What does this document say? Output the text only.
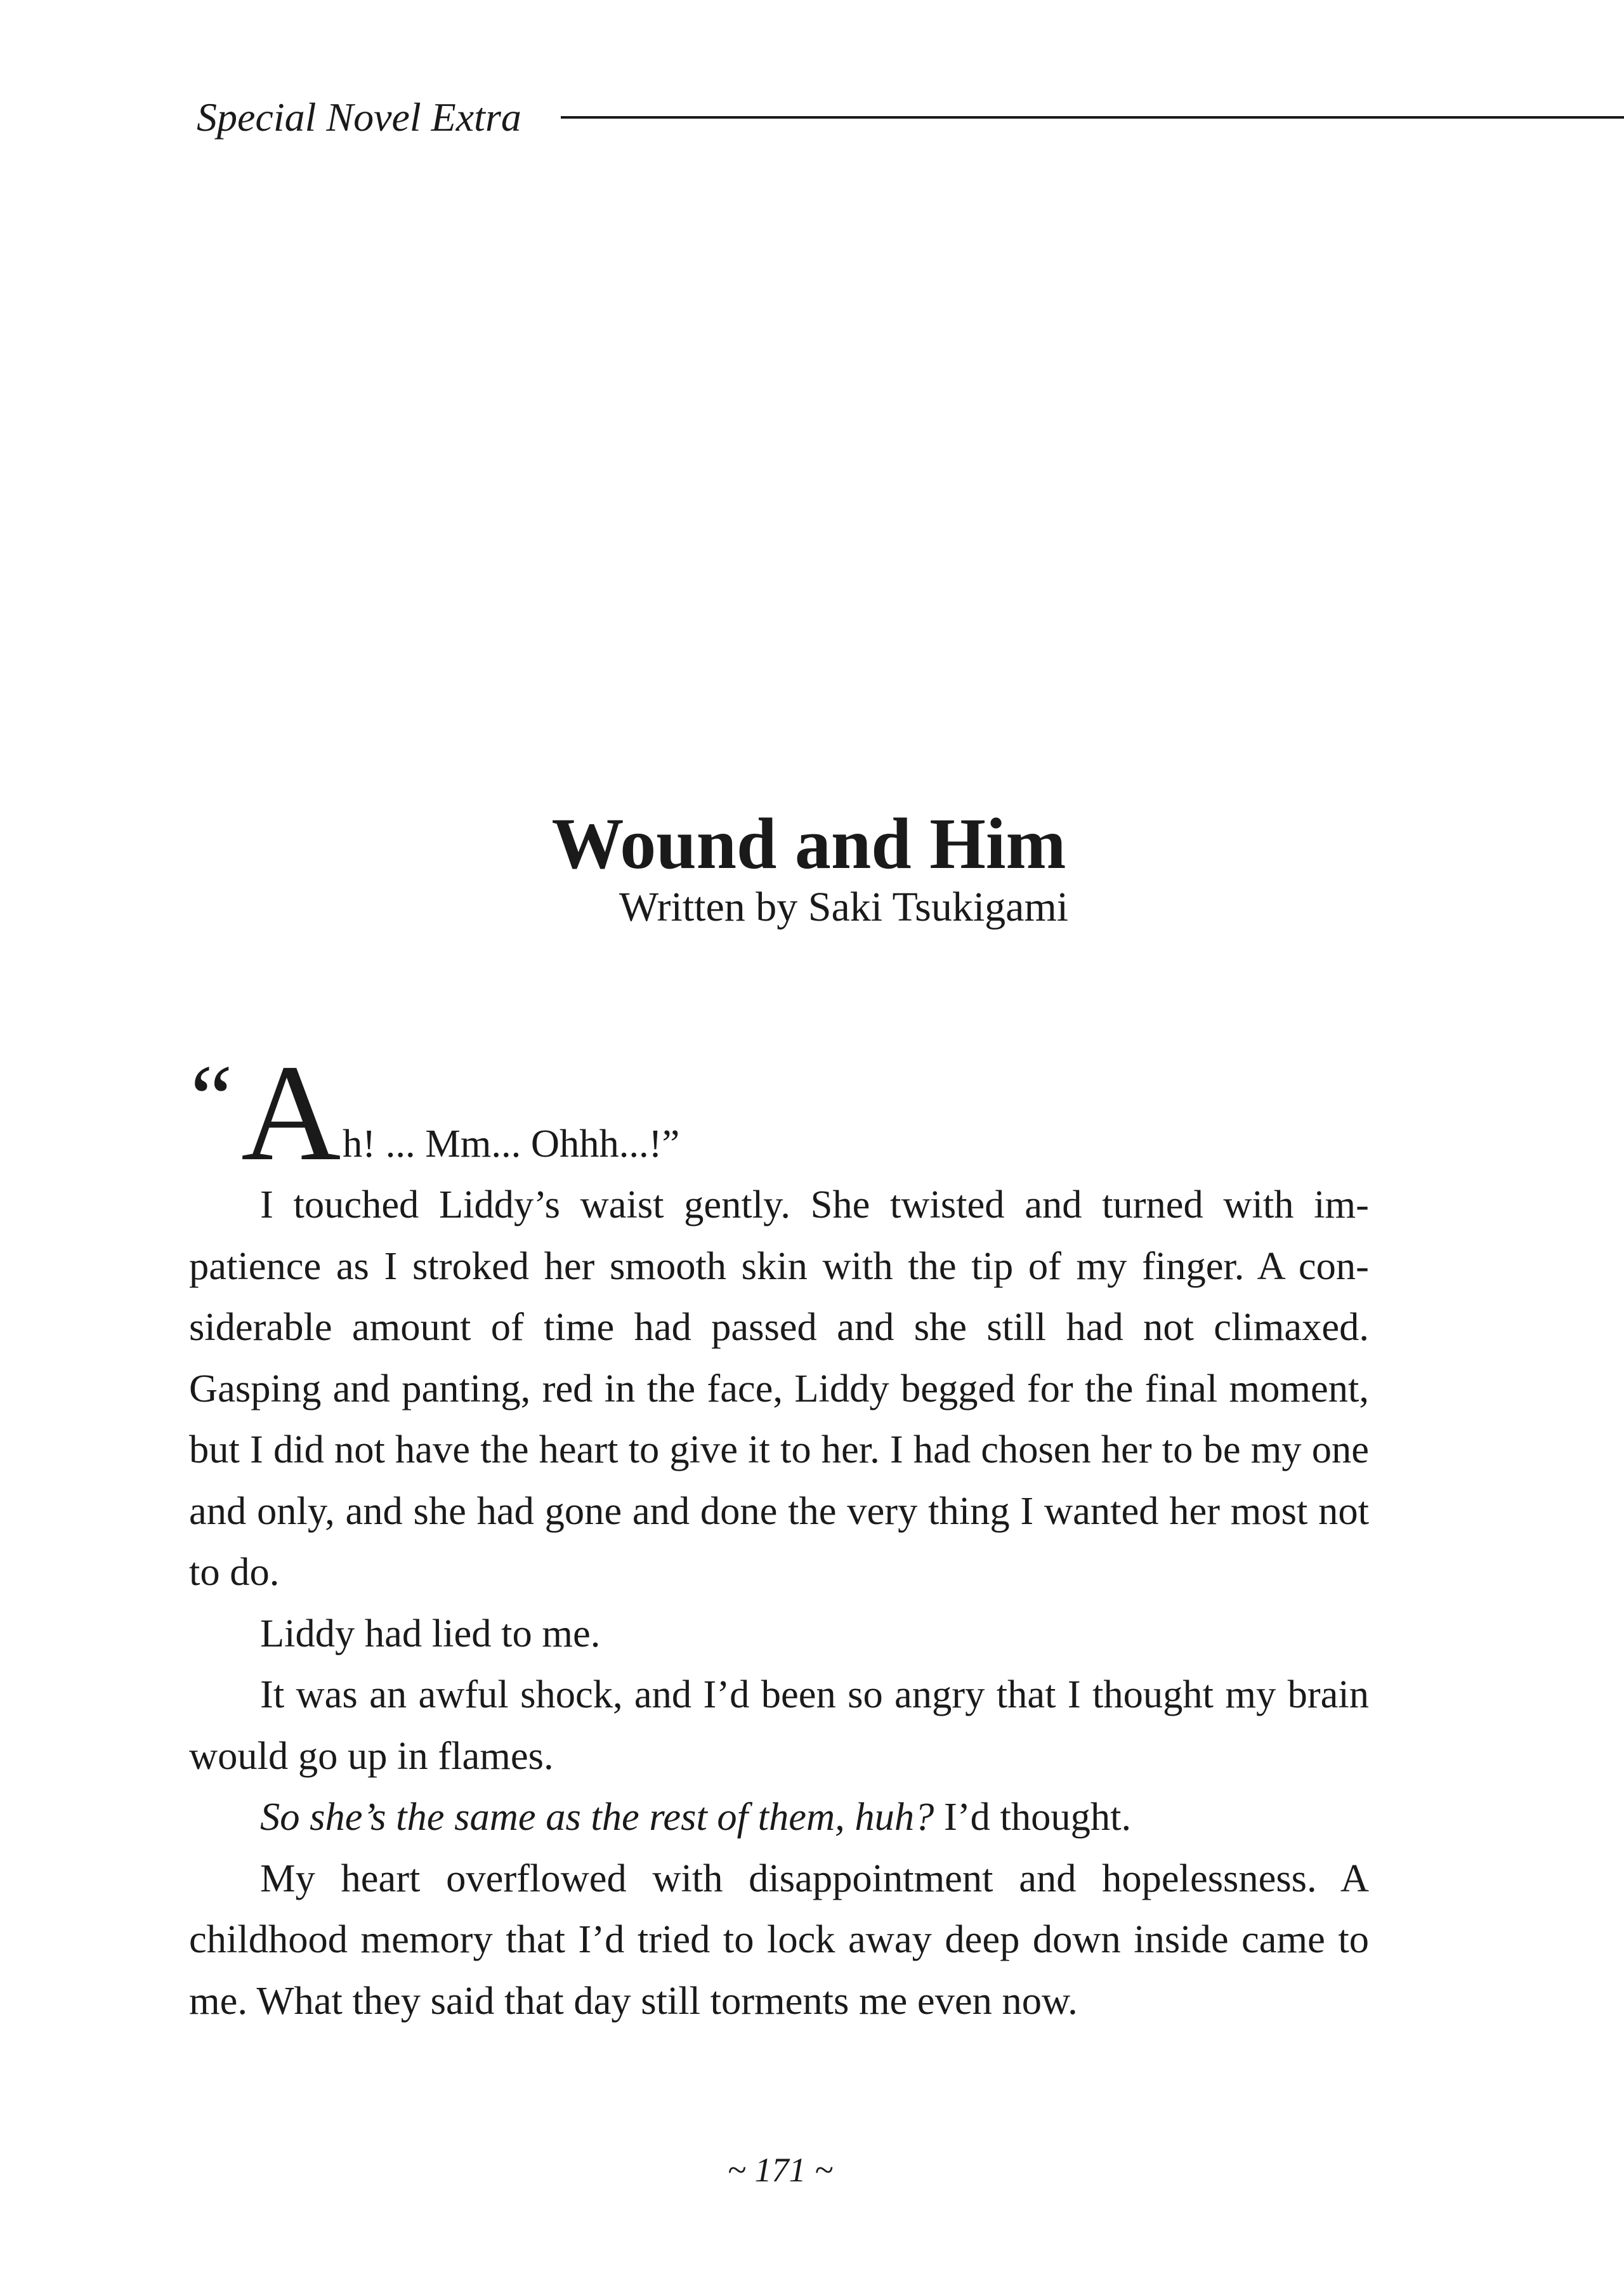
Special Novel Extra
Wound and Him
Written by Saki Tsukigami
“ A h! ... Mm... Ohhh...!”

I touched Liddy’s waist gently. She twisted and turned with impatience as I stroked her smooth skin with the tip of my finger. A considerable amount of time had passed and she still had not climaxed. Gasping and panting, red in the face, Liddy begged for the final moment, but I did not have the heart to give it to her. I had chosen her to be my one and only, and she had gone and done the very thing I wanted her most not to do.

Liddy had lied to me.

It was an awful shock, and I’d been so angry that I thought my brain would go up in flames.

So she’s the same as the rest of them, huh? I’d thought.

My heart overflowed with disappointment and hopelessness. A childhood memory that I’d tried to lock away deep down inside came to me. What they said that day still torments me even now.

~ 171 ~
